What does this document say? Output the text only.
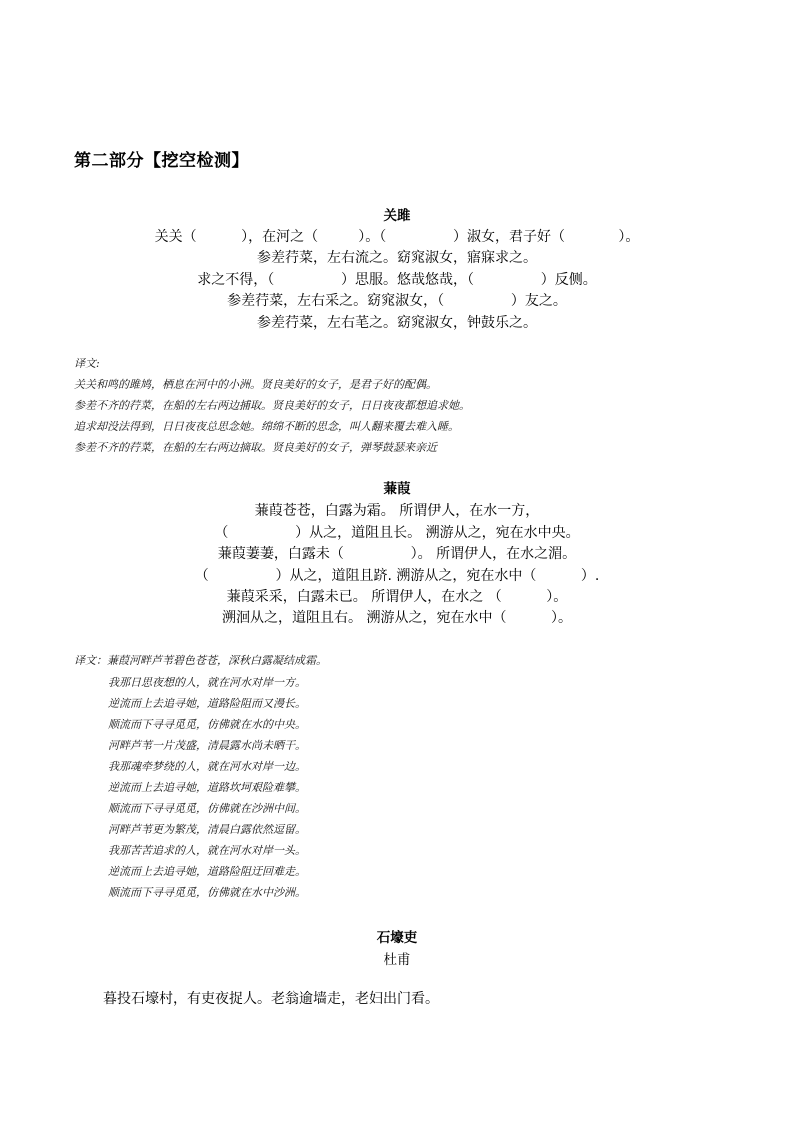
第二部分【挖空检测】
关雎

关关（          ），在河之（         ）。（               ）淑女，君子好（            ）。

参差荇菜，左右流之。窈窕淑女，寤寐求之。

求之不得，（               ）思服。悠哉悠哉，（               ）反侧。

参差荇菜，左右采之。窈窕淑女，（               ）友之。

参差荇菜，左右芼之。窈窕淑女，钟鼓乐之。

译文:

关关和鸣的雎鸠，栖息在河中的小洲。贤良美好的女子，是君子好的配偶。

参差不齐的荇菜，在船的左右两边捕取。贤良美好的女子，日日夜夜都想追求她。

追求却没法得到，日日夜夜总思念她。绵绵不断的思念，叫人翻来覆去难入睡。

参差不齐的荇菜，在船的左右两边摘取。贤良美好的女子，弹琴鼓瑟来亲近

蒹葭

蒹葭苍苍，白露为霜。 所谓伊人，在水一方，

（               ）从之，道阻且长。 溯游从之，宛在水中央。

蒹葭萋萋，白露未（               ）。 所谓伊人，在水之湄。

（               ）从之，道阻且跻. 溯游从之，宛在水中（          ）.

蒹葭采采，白露未已。 所谓伊人，在水之 （          ）。

溯洄从之，道阻且右。 溯游从之，宛在水中（          ）。

译文：蒹葭河畔芦苇碧色苍苍，深秋白露凝结成霜。

我那日思夜想的人，就在河水对岸一方。

逆流而上去追寻她，道路险阻而又漫长。

顺流而下寻寻觅觅，仿佛就在水的中央。

河畔芦苇一片茂盛，清晨露水尚未晒干。

我那魂牵梦绕的人，就在河水对岸一边。

逆流而上去追寻她，道路坎坷艰险难攀。

顺流而下寻寻觅觅，仿佛就在沙洲中间。

河畔芦苇更为繁茂，清晨白露依然逗留。

我那苦苦追求的人，就在河水对岸一头。

逆流而上去追寻她，道路险阻迂回难走。

顺流而下寻寻觅觅，仿佛就在水中沙洲。

石壕吏

杜甫

暮投石壕村，有吏夜捉人。老翁逾墙走，老妇出门看。
